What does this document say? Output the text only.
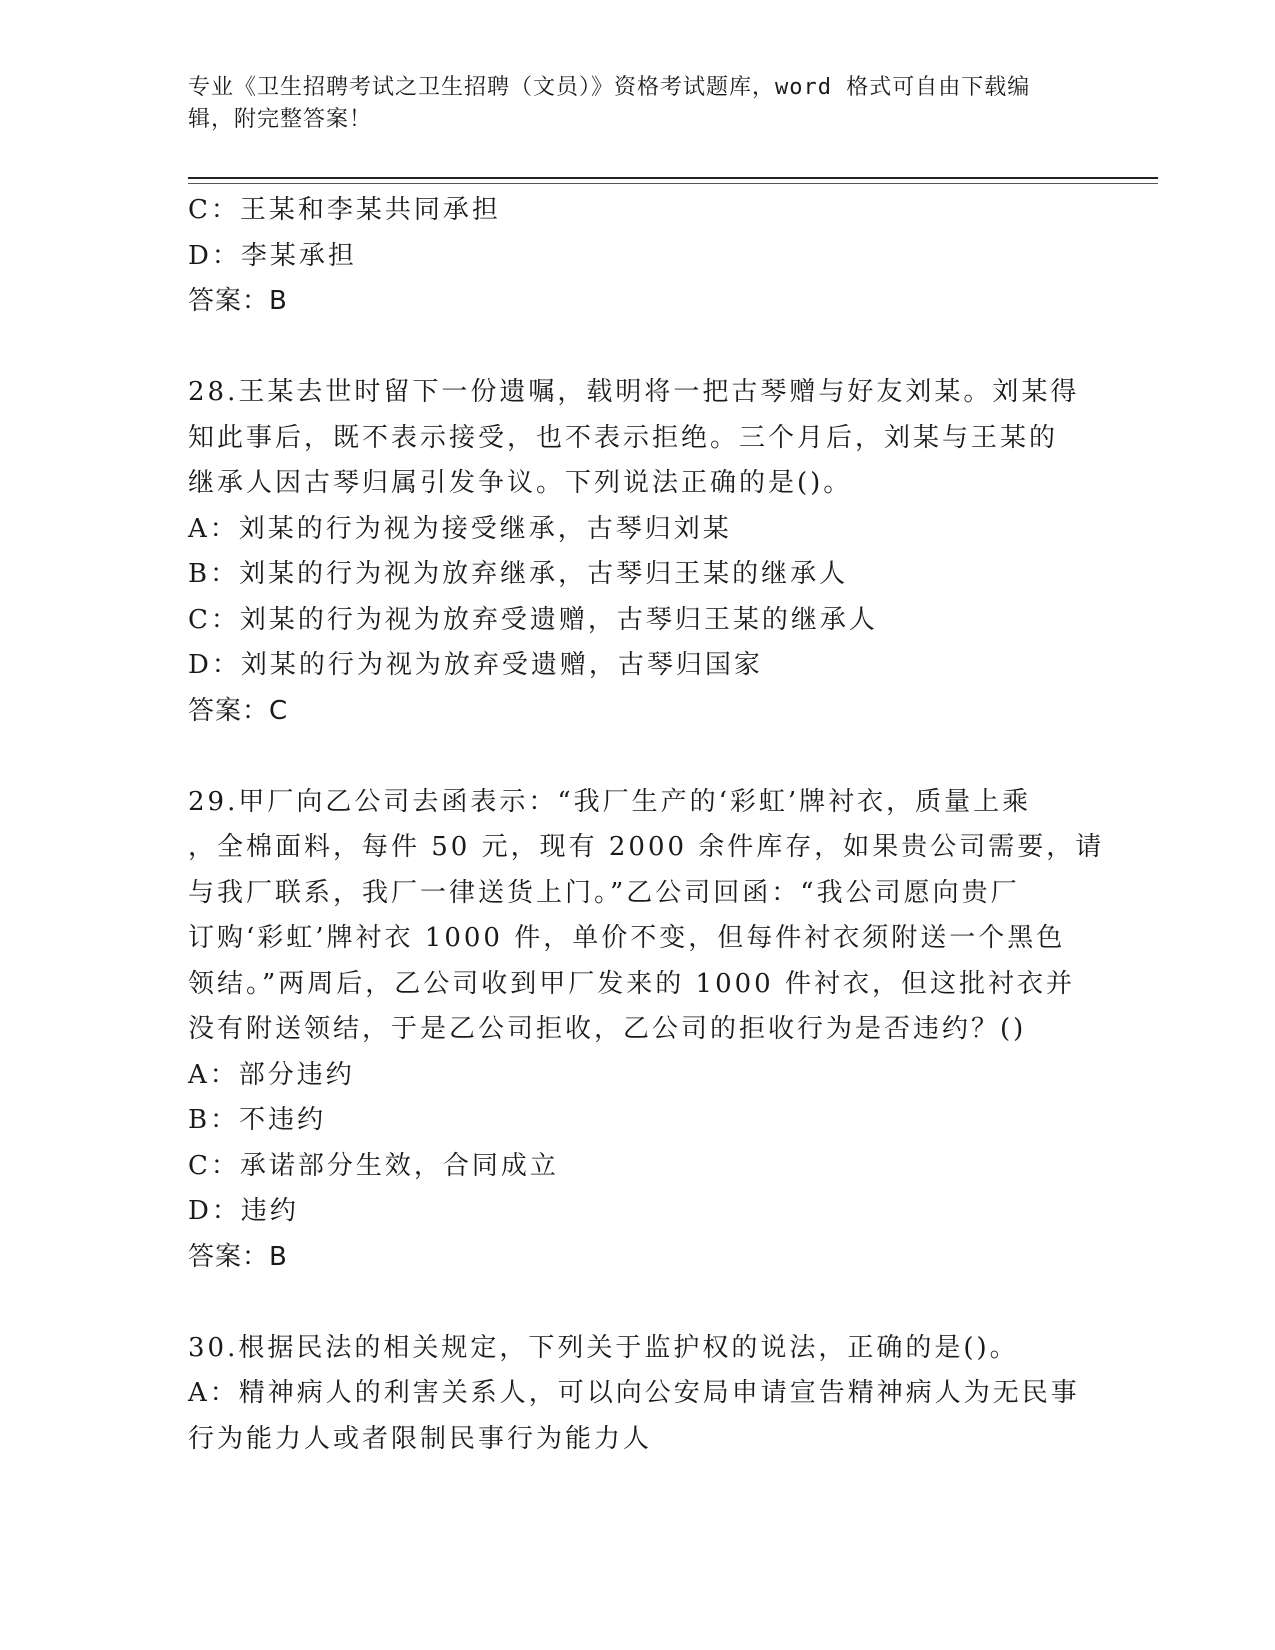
专业《卫生招聘考试之卫生招聘（文员）》资格考试题库，word 格式可自由下载编辑，附完整答案！
C：王某和李某共同承担
D：李某承担
答案：B
28.王某去世时留下一份遗嘱，载明将一把古琴赠与好友刘某。刘某得
知此事后，既不表示接受，也不表示拒绝。三个月后，刘某与王某的
继承人因古琴归属引发争议。下列说法正确的是()。
A：刘某的行为视为接受继承，古琴归刘某
B：刘某的行为视为放弃继承，古琴归王某的继承人
C：刘某的行为视为放弃受遗赠，古琴归王某的继承人
D：刘某的行为视为放弃受遗赠，古琴归国家
答案：C
29.甲厂向乙公司去函表示：“我厂生产的‘彩虹’牌衬衣，质量上乘
，全棉面料，每件 50 元，现有 2000 余件库存，如果贵公司需要，请
与我厂联系，我厂一律送货上门。”乙公司回函：“我公司愿向贵厂
订购‘彩虹’牌衬衣 1000 件，单价不变，但每件衬衣须附送一个黑色
领结。”两周后，乙公司收到甲厂发来的 1000 件衬衣，但这批衬衣并
没有附送领结，于是乙公司拒收，乙公司的拒收行为是否违约？()
A：部分违约
B：不违约
C：承诺部分生效，合同成立
D：违约
答案：B
30.根据民法的相关规定，下列关于监护权的说法，正确的是()。
A：精神病人的利害关系人，可以向公安局申请宣告精神病人为无民事
行为能力人或者限制民事行为能力人
